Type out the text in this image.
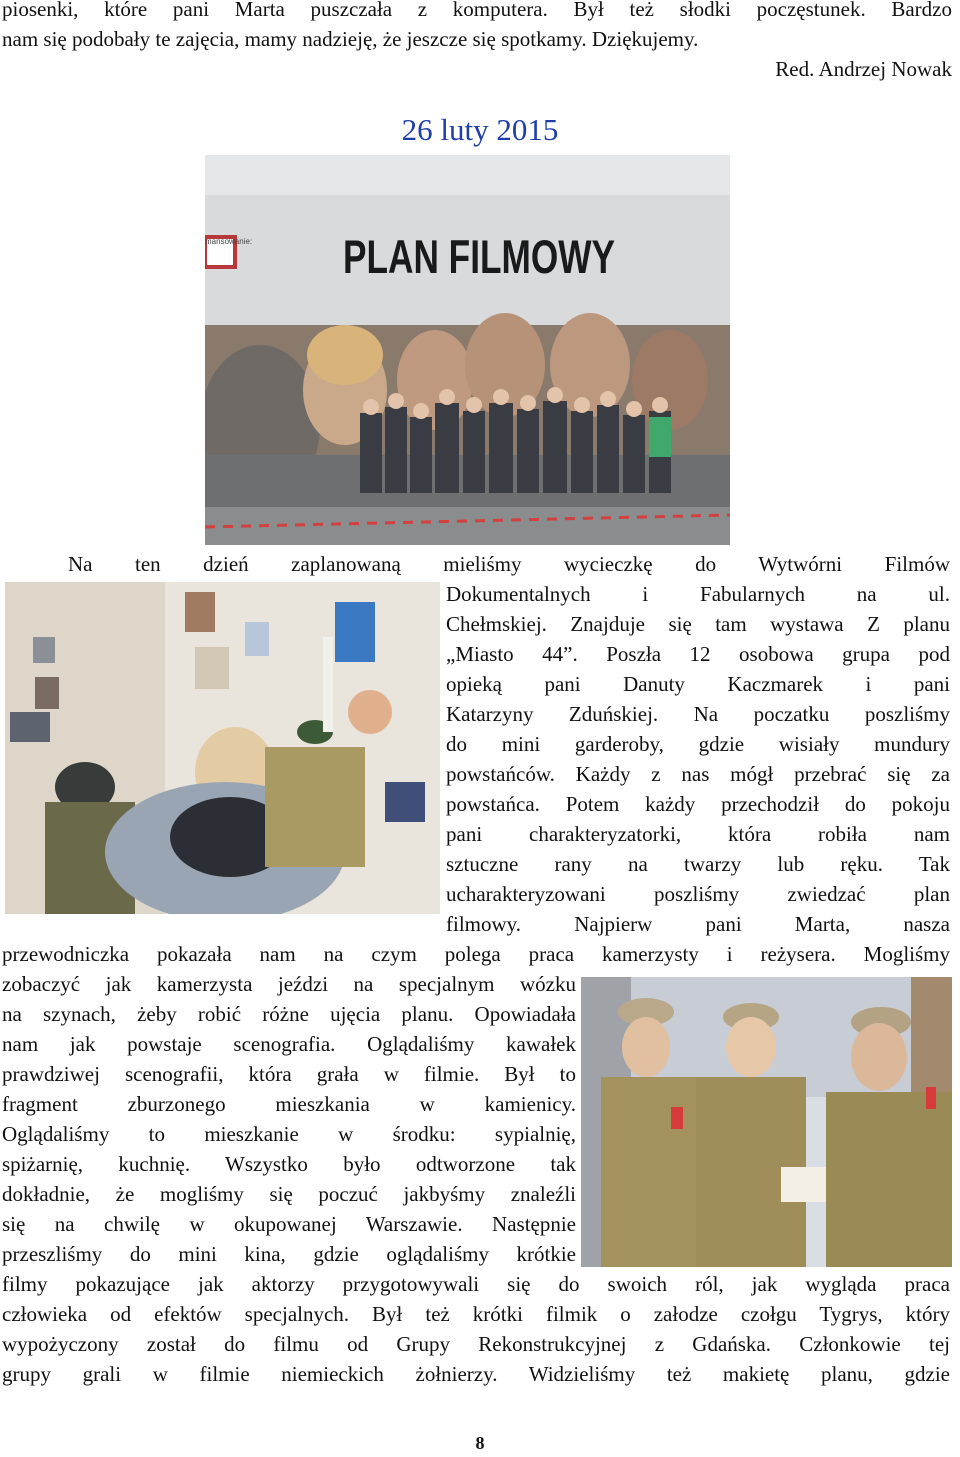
piosenki, które pani Marta puszczała z komputera. Był też słodki poczęstunek. Bardzo
nam się podobały te zajęcia, mamy nadzieję, że jeszcze się spotkamy. Dziękujemy.
Red. Andrzej Nowak
26 luty 2015
mansowanie: PLAN FILMOWY
Na ten dzień zaplanowaną mieliśmy wycieczkę do Wytwórni Filmów
Dokumentalnych i Fabularnych na ul.
Chełmskiej. Znajduje się tam wystawa Z planu
„Miasto 44”. Poszła 12 osobowa grupa pod
opieką pani Danuty Kaczmarek i pani
Katarzyny Zduńskiej. Na poczatku poszliśmy
do mini garderoby, gdzie wisiały mundury
powstańców. Każdy z nas mógł przebrać się za
powstańca. Potem każdy przechodził do pokoju
pani charakteryzatorki, która robiła nam
sztuczne rany na twarzy lub ręku. Tak
ucharakteryzowani poszliśmy zwiedzać plan
filmowy. Najpierw pani Marta, nasza
przewodniczka pokazała nam na czym polega praca kamerzysty i reżysera. Mogliśmy
zobaczyć jak kamerzysta jeździ na specjalnym wózku
na szynach, żeby robić różne ujęcia planu. Opowiadała
nam jak powstaje scenografia. Oglądaliśmy kawałek
prawdziwej scenografii, która grała w filmie. Był to
fragment zburzonego mieszkania w kamienicy.
Oglądaliśmy to mieszkanie w środku: sypialnię,
spiżarnię, kuchnię. Wszystko było odtworzone tak
dokładnie, że mogliśmy się poczuć jakbyśmy znaleźli
się na chwilę w okupowanej Warszawie. Następnie
przeszliśmy do mini kina, gdzie oglądaliśmy krótkie
filmy pokazujące jak aktorzy przygotowywali się do swoich ról, jak wygląda praca
człowieka od efektów specjalnych. Był też krótki filmik o załodze czołgu Tygrys, który
wypożyczony został do filmu od Grupy Rekonstrukcyjnej z Gdańska. Członkowie tej
grupy grali w filmie niemieckich żołnierzy. Widzieliśmy też makietę planu, gdzie
8
